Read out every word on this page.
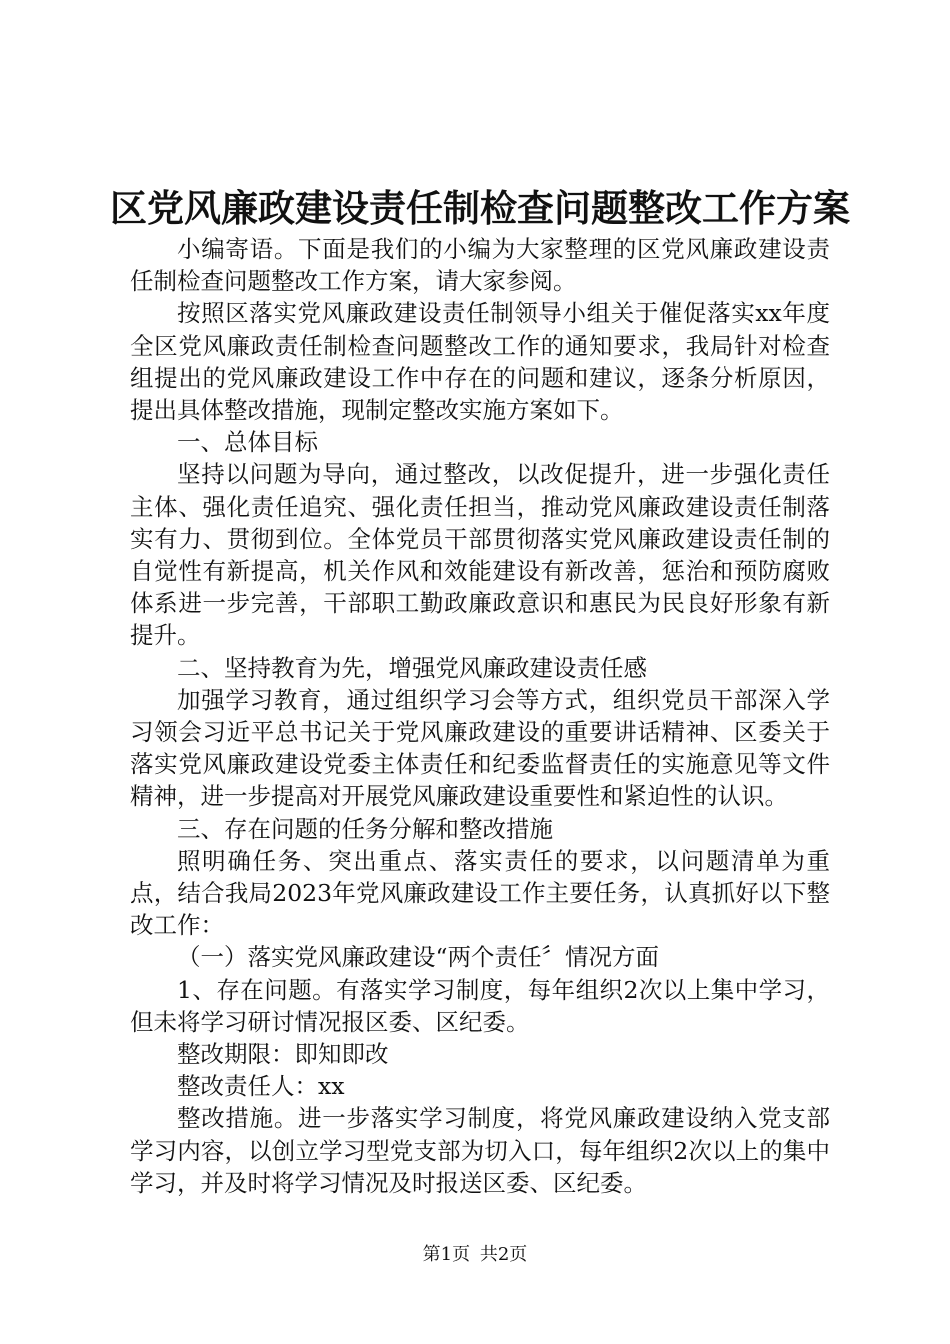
区党风廉政建设责任制检查问题整改工作方案

小编寄语。下面是我们的小编为大家整理的区党风廉政建设责任制检查问题整改工作方案，请大家参阅。

按照区落实党风廉政建设责任制领导小组关于催促落实xx年度全区党风廉政责任制检查问题整改工作的通知要求，我局针对检查组提出的党风廉政建设工作中存在的问题和建议，逐条分析原因，提出具体整改措施，现制定整改实施方案如下。

一、总体目标

坚持以问题为导向，通过整改，以改促提升，进一步强化责任主体、强化责任追究、强化责任担当，推动党风廉政建设责任制落实有力、贯彻到位。全体党员干部贯彻落实党风廉政建设责任制的自觉性有新提高，机关作风和效能建设有新改善，惩治和预防腐败体系进一步完善，干部职工勤政廉政意识和惠民为民良好形象有新提升。

二、坚持教育为先，增强党风廉政建设责任感

加强学习教育，通过组织学习会等方式，组织党员干部深入学习领会习近平总书记关于党风廉政建设的重要讲话精神、区委关于落实党风廉政建设党委主体责任和纪委监督责任的实施意见等文件精神，进一步提高对开展党风廉政建设重要性和紧迫性的认识。

三、存在问题的任务分解和整改措施

照明确任务、突出重点、落实责任的要求，以问题清单为重点，结合我局2023年党风廉政建设工作主要任务，认真抓好以下整改工作：

（一）落实党风廉政建设“两个责任〞情况方面

1、存在问题。有落实学习制度，每年组织2次以上集中学习，但未将学习研讨情况报区委、区纪委。

整改期限：即知即改

整改责任人：xx

整改措施。进一步落实学习制度，将党风廉政建设纳入党支部学习内容，以创立学习型党支部为切入口，每年组织2次以上的集中学习，并及时将学习情况及时报送区委、区纪委。

第1页 共2页
